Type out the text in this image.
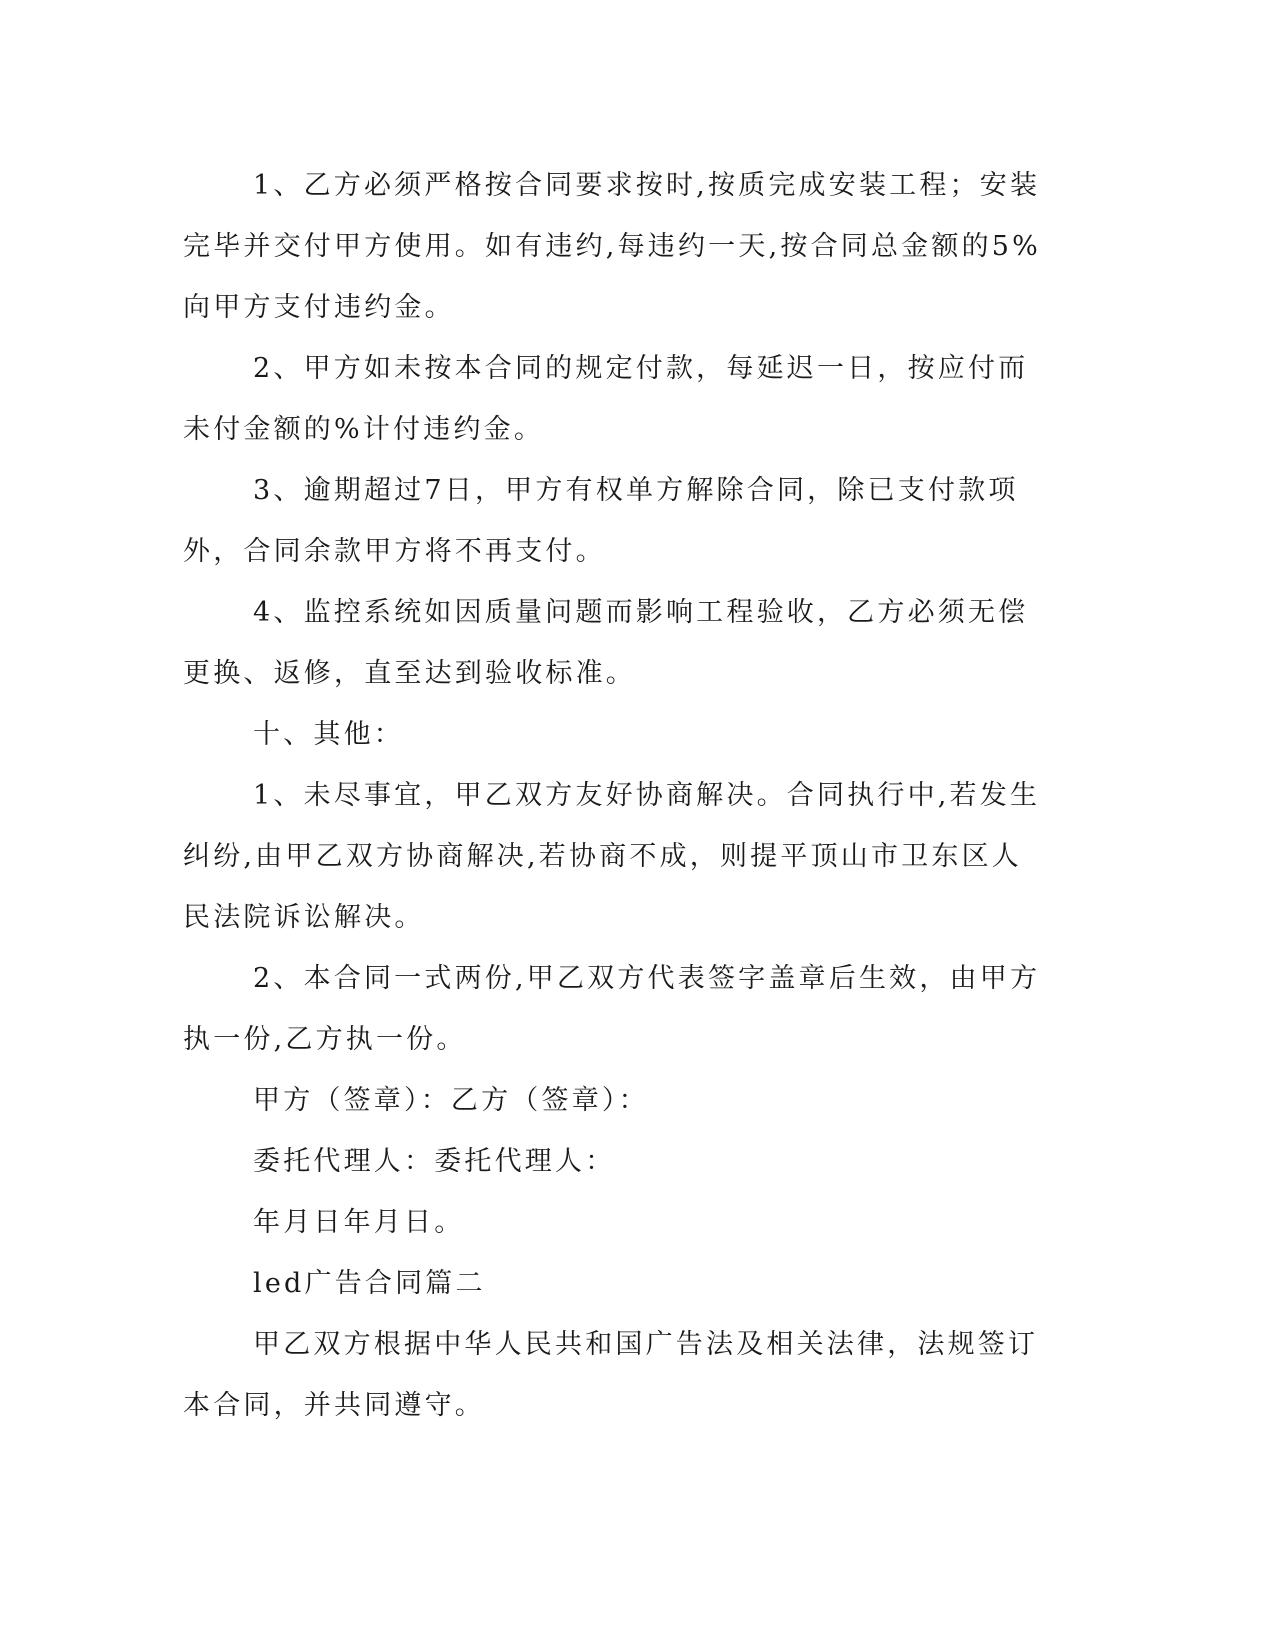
1、乙方必须严格按合同要求按时,按质完成安装工程；安装完毕并交付甲方使用。如有违约,每违约一天,按合同总金额的5%向甲方支付违约金。

2、甲方如未按本合同的规定付款，每延迟一日，按应付而未付金额的%计付违约金。

3、逾期超过7日，甲方有权单方解除合同，除已支付款项外，合同余款甲方将不再支付。

4、监控系统如因质量问题而影响工程验收，乙方必须无偿更换、返修，直至达到验收标准。

十、其他：

1、未尽事宜，甲乙双方友好协商解决。合同执行中,若发生纠纷,由甲乙双方协商解决,若协商不成，则提平顶山市卫东区人民法院诉讼解决。

2、本合同一式两份,甲乙双方代表签字盖章后生效，由甲方执一份,乙方执一份。

甲方（签章）：乙方（签章）：

委托代理人：委托代理人：

年月日年月日。

led广告合同篇二

甲乙双方根据中华人民共和国广告法及相关法律，法规签订本合同，并共同遵守。
